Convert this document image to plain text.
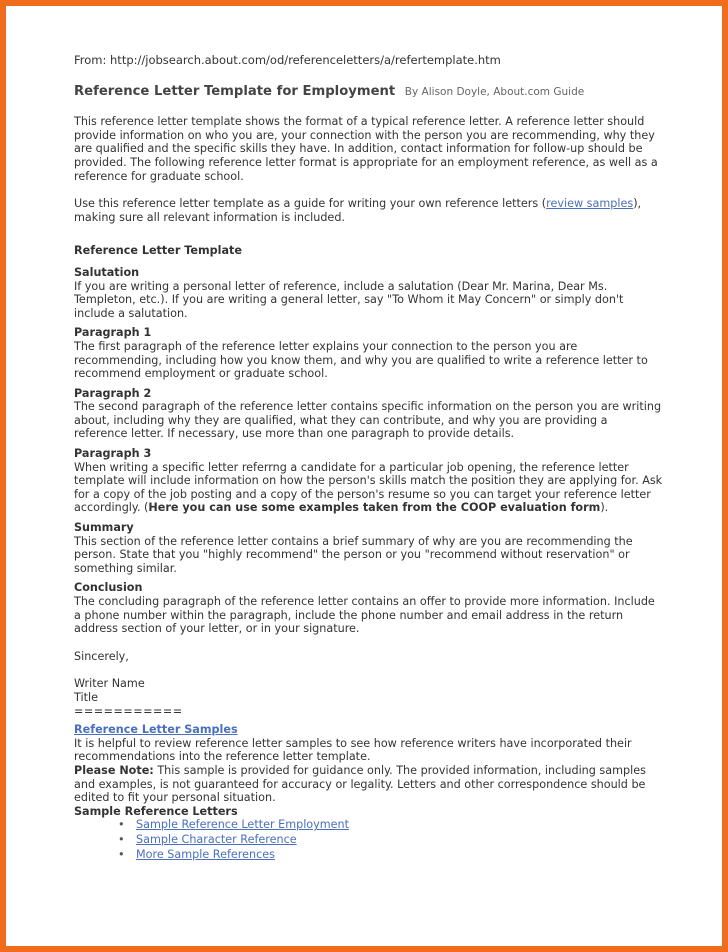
From: http://jobsearch.about.com/od/referenceletters/a/refertemplate.htm

Reference Letter Template for Employment By Alison Doyle, About.com Guide

This reference letter template shows the format of a typical reference letter. A reference letter should provide information on who you are, your connection with the person you are recommending, why they are qualified and the specific skills they have. In addition, contact information for follow-up should be provided. The following reference letter format is appropriate for an employment reference, as well as a reference for graduate school.

Use this reference letter template as a guide for writing your own reference letters (review samples), making sure all relevant information is included.

Reference Letter Template
Salutation

If you are writing a personal letter of reference, include a salutation (Dear Mr. Marina, Dear Ms. Templeton, etc.). If you are writing a general letter, say "To Whom it May Concern" or simply don't include a salutation.

Paragraph 1

The first paragraph of the reference letter explains your connection to the person you are recommending, including how you know them, and why you are qualified to write a reference letter to recommend employment or graduate school.

Paragraph 2

The second paragraph of the reference letter contains specific information on the person you are writing about, including why they are qualified, what they can contribute, and why you are providing a reference letter. If necessary, use more than one paragraph to provide details.

Paragraph 3

When writing a specific letter referrng a candidate for a particular job opening, the reference letter template will include information on how the person's skills match the position they are applying for. Ask for a copy of the job posting and a copy of the person's resume so you can target your reference letter accordingly. (Here you can use some examples taken from the COOP evaluation form).

Summary

This section of the reference letter contains a brief summary of why are you are recommending the person. State that you "highly recommend" the person or you "recommend without reservation" or something similar.

Conclusion

The concluding paragraph of the reference letter contains an offer to provide more information. Include a phone number within the paragraph, include the phone number and email address in the return address section of your letter, or in your signature.

Sincerely,

Writer Name

Title

===========

Reference Letter Samples

It is helpful to review reference letter samples to see how reference writers have incorporated their recommendations into the reference letter template.

Please Note: This sample is provided for guidance only. The provided information, including samples and examples, is not guaranteed for accuracy or legality. Letters and other correspondence should be edited to fit your personal situation.

Sample Reference Letters
• Sample Reference Letter Employment
• Sample Character Reference
• More Sample References
